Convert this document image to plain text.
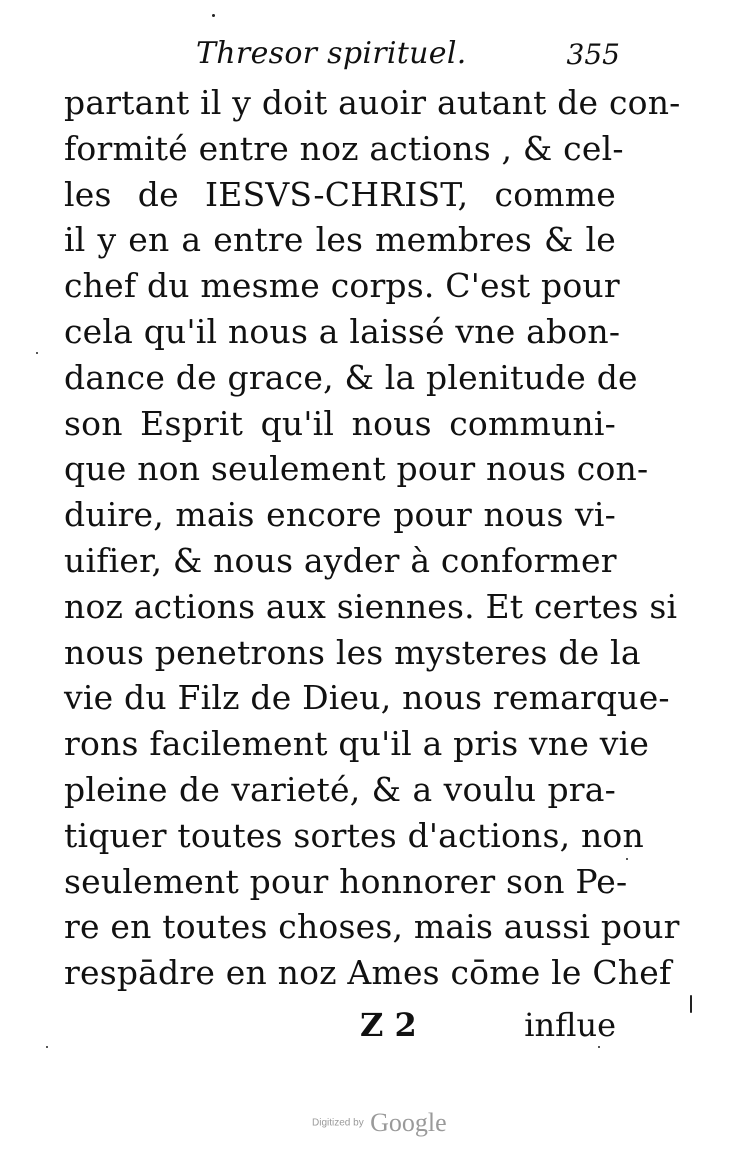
Thresor spirituel.	355
partant il y doit auoir autant de con-
formité entre noz actions , & cel-
les de IESVS-CHRIST, comme
il y en a entre les membres & le
chef du mesme corps. C'est pour
cela qu'il nous a laissé vne abon-
dance de grace, & la plenitude de
son Esprit qu'il nous communi-
que non seulement pour nous con-
duire, mais encore pour nous vi-
uifier, & nous ayder à conformer
noz actions aux siennes. Et certes si
nous penetrons les mysteres de la
vie du Filz de Dieu, nous remarque-
rons facilement qu'il a pris vne vie
pleine de varieté, & a voulu pra-
tiquer toutes sortes d'actions, non
seulement pour honnorer son Pe-
re en toutes choses, mais aussi pour
respādre en noz Ames cōme le Chef
Z 2	influe
Digitized by Google
